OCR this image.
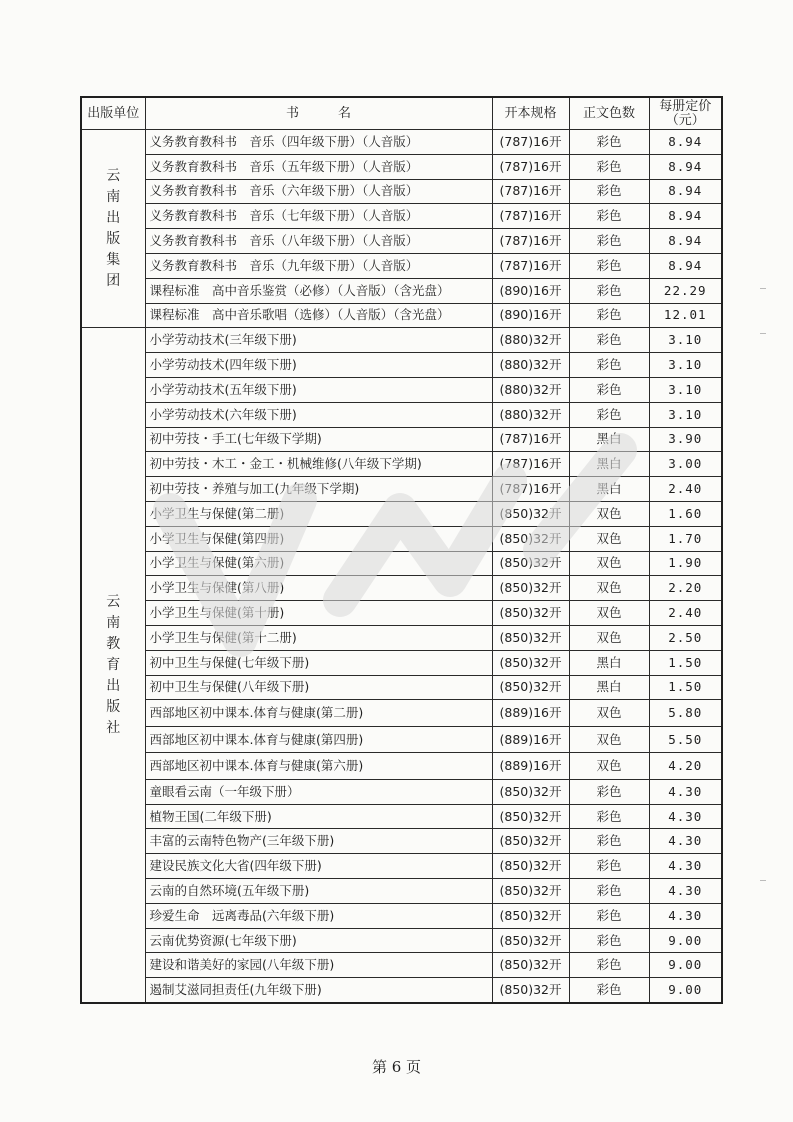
出版单位	书　　　名	开本规格	正文色数	每册定价（元）
云南出版集团	义务教育教科书　音乐（四年级下册）（人音版）	(787)16开	彩色	8.94
	义务教育教科书　音乐（五年级下册）（人音版）	(787)16开	彩色	8.94
	义务教育教科书　音乐（六年级下册）（人音版）	(787)16开	彩色	8.94
	义务教育教科书　音乐（七年级下册）（人音版）	(787)16开	彩色	8.94
	义务教育教科书　音乐（八年级下册）（人音版）	(787)16开	彩色	8.94
	义务教育教科书　音乐（九年级下册）（人音版）	(787)16开	彩色	8.94
	课程标准　高中音乐鉴赏（必修）（人音版）（含光盘）	(890)16开	彩色	22.29
	课程标准　高中音乐歌唱（选修）（人音版）（含光盘）	(890)16开	彩色	12.01
云南教育出版社	小学劳动技术(三年级下册)	(880)32开	彩色	3.10
	小学劳动技术(四年级下册)	(880)32开	彩色	3.10
	小学劳动技术(五年级下册)	(880)32开	彩色	3.10
	小学劳动技术(六年级下册)	(880)32开	彩色	3.10
	初中劳技・手工(七年级下学期)	(787)16开	黑白	3.90
	初中劳技・木工・金工・机械维修(八年级下学期)	(787)16开	黑白	3.00
	初中劳技・养殖与加工(九年级下学期)	(787)16开	黑白	2.40
	小学卫生与保健(第二册)	(850)32开	双色	1.60
	小学卫生与保健(第四册)	(850)32开	双色	1.70
	小学卫生与保健(第六册)	(850)32开	双色	1.90
	小学卫生与保健(第八册)	(850)32开	双色	2.20
	小学卫生与保健(第十册)	(850)32开	双色	2.40
	小学卫生与保健(第十二册)	(850)32开	双色	2.50
	初中卫生与保健(七年级下册)	(850)32开	黑白	1.50
	初中卫生与保健(八年级下册)	(850)32开	黑白	1.50
	西部地区初中课本.体育与健康(第二册)	(889)16开	双色	5.80
	西部地区初中课本.体育与健康(第四册)	(889)16开	双色	5.50
	西部地区初中课本.体育与健康(第六册)	(889)16开	双色	4.20
	童眼看云南（一年级下册）	(850)32开	彩色	4.30
	植物王国(二年级下册)	(850)32开	彩色	4.30
	丰富的云南特色物产(三年级下册)	(850)32开	彩色	4.30
	建设民族文化大省(四年级下册)	(850)32开	彩色	4.30
	云南的自然环境(五年级下册)	(850)32开	彩色	4.30
	珍爱生命　远离毒品(六年级下册)	(850)32开	彩色	4.30
	云南优势资源(七年级下册)	(850)32开	彩色	9.00
	建设和谐美好的家园(八年级下册)	(850)32开	彩色	9.00
	遏制艾滋同担责任(九年级下册)	(850)32开	彩色	9.00
第 6 页
